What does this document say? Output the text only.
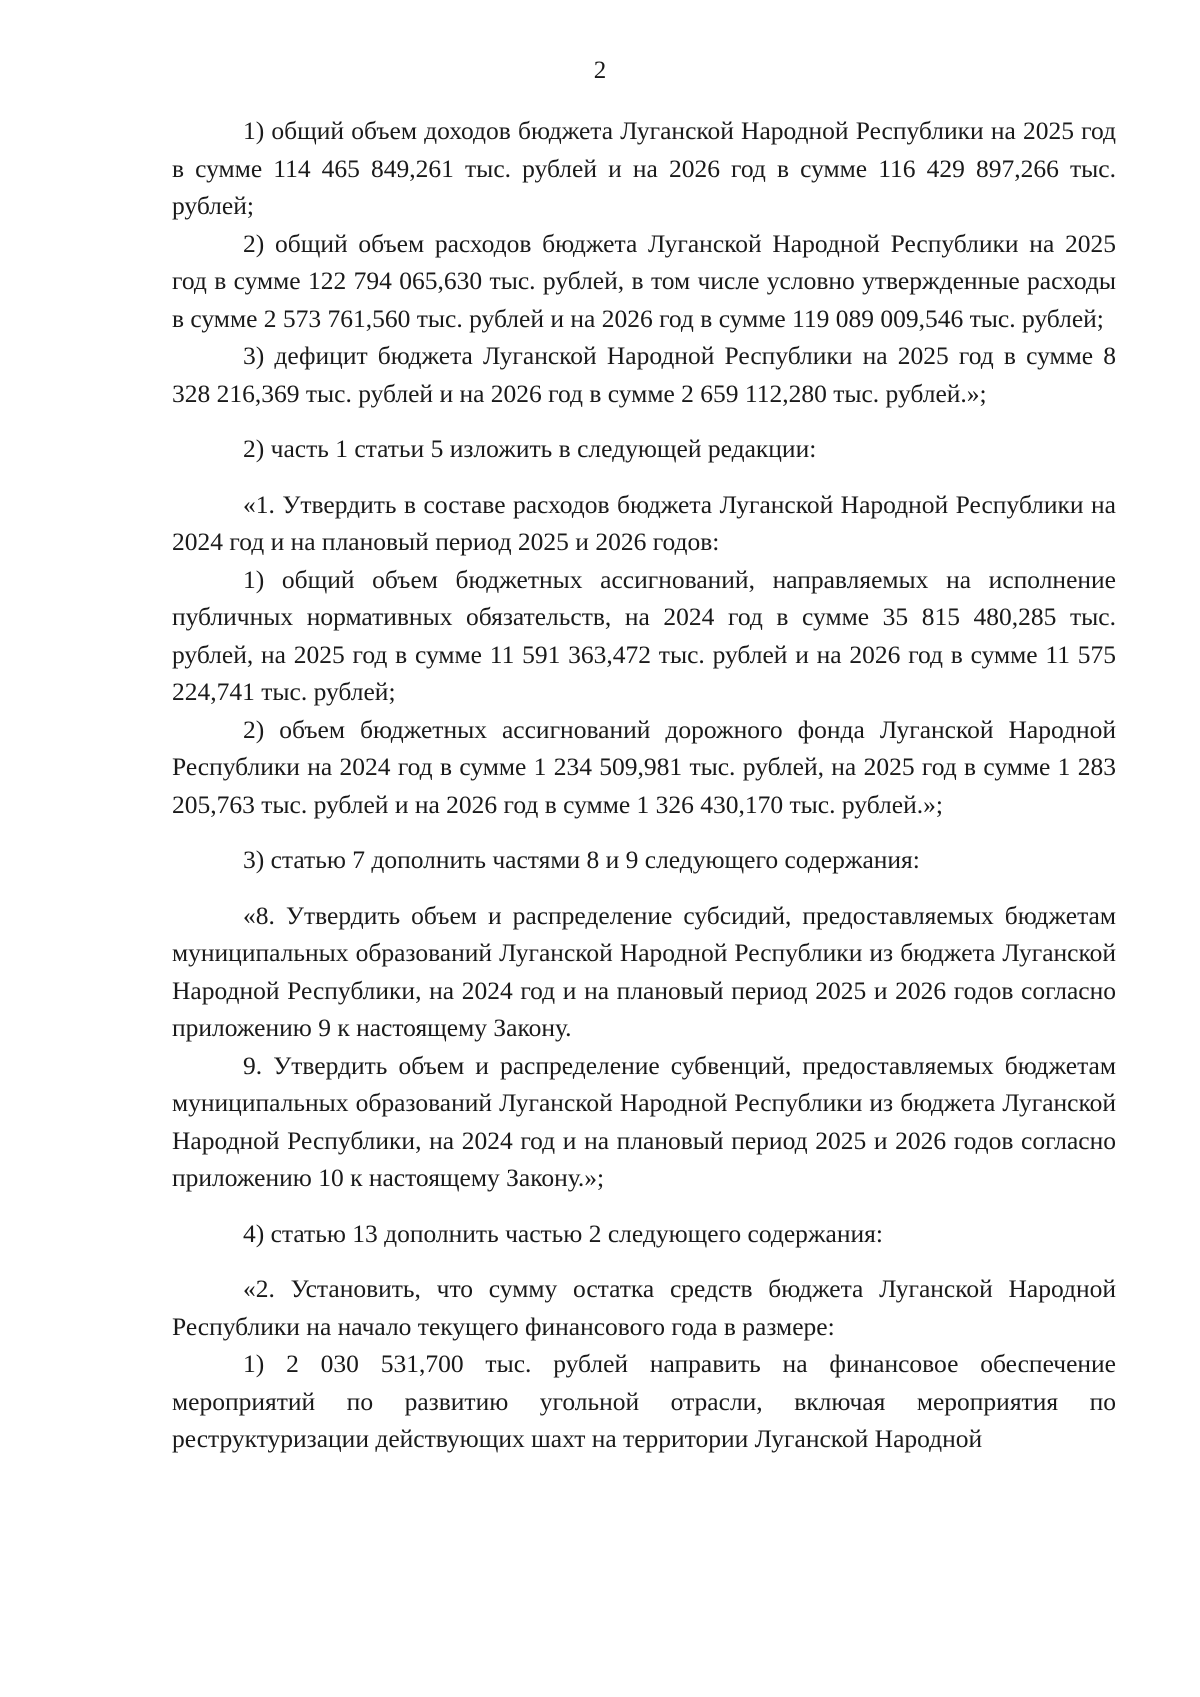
2

1) общий объем доходов бюджета Луганской Народной Республики на 2025 год в сумме 114 465 849,261 тыс. рублей и на 2026 год в сумме 116 429 897,266 тыс. рублей;

2) общий объем расходов бюджета Луганской Народной Республики на 2025 год в сумме 122 794 065,630 тыс. рублей, в том числе условно утвержденные расходы в сумме 2 573 761,560 тыс. рублей и на 2026 год в сумме 119 089 009,546 тыс. рублей;

3) дефицит бюджета Луганской Народной Республики на 2025 год в сумме 8 328 216,369 тыс. рублей и на 2026 год в сумме 2 659 112,280 тыс. рублей.»;

2) часть 1 статьи 5 изложить в следующей редакции:

«1. Утвердить в составе расходов бюджета Луганской Народной Республики на 2024 год и на плановый период 2025 и 2026 годов:

1) общий объем бюджетных ассигнований, направляемых на исполнение публичных нормативных обязательств, на 2024 год в сумме 35 815 480,285 тыс. рублей, на 2025 год в сумме 11 591 363,472 тыс. рублей и на 2026 год в сумме 11 575 224,741 тыс. рублей;

2) объем бюджетных ассигнований дорожного фонда Луганской Народной Республики на 2024 год в сумме 1 234 509,981 тыс. рублей, на 2025 год в сумме 1 283 205,763 тыс. рублей и на 2026 год в сумме 1 326 430,170 тыс. рублей.»;

3) статью 7 дополнить частями 8 и 9 следующего содержания:

«8. Утвердить объем и распределение субсидий, предоставляемых бюджетам муниципальных образований Луганской Народной Республики из бюджета Луганской Народной Республики, на 2024 год и на плановый период 2025 и 2026 годов согласно приложению 9 к настоящему Закону.

9. Утвердить объем и распределение субвенций, предоставляемых бюджетам муниципальных образований Луганской Народной Республики из бюджета Луганской Народной Республики, на 2024 год и на плановый период 2025 и 2026 годов согласно приложению 10 к настоящему Закону.»;

4) статью 13 дополнить частью 2 следующего содержания:

«2. Установить, что сумму остатка средств бюджета Луганской Народной Республики на начало текущего финансового года в размере:

1) 2 030 531,700 тыс. рублей направить на финансовое обеспечение мероприятий по развитию угольной отрасли, включая мероприятия по реструктуризации действующих шахт на территории Луганской Народной
